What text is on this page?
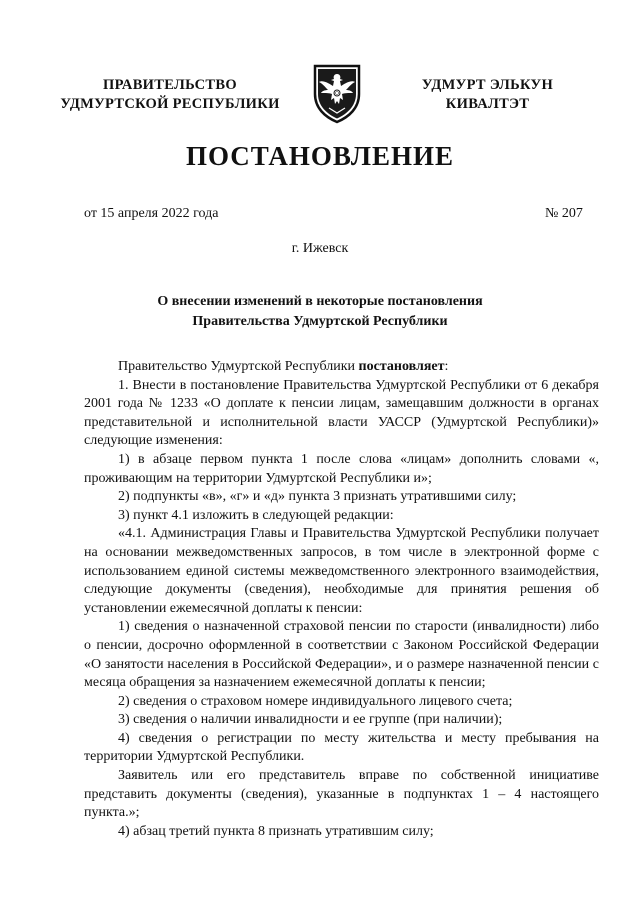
ПРАВИТЕЛЬСТВО
УДМУРТСКОЙ РЕСПУБЛИКИ
УДМУРТ ЭЛЬКУН
КИВАЛТЭТ
ПОСТАНОВЛЕНИЕ
от 15 апреля 2022 года	№ 207
г. Ижевск
О внесении изменений в некоторые постановления
Правительства Удмуртской Республики

Правительство Удмуртской Республики постановляет:

1. Внести в постановление Правительства Удмуртской Республики от 6 декабря 2001 года № 1233 «О доплате к пенсии лицам, замещавшим должности в органах представительной и исполнительной власти УАССР (Удмуртской Республики)» следующие изменения:

1) в абзаце первом пункта 1 после слова «лицам» дополнить словами «, проживающим на территории Удмуртской Республики и»;

2) подпункты «в», «г» и «д» пункта 3 признать утратившими силу;

3) пункт 4.1 изложить в следующей редакции:

«4.1. Администрация Главы и Правительства Удмуртской Республики получает на основании межведомственных запросов, в том числе в электронной форме с использованием единой системы межведомственного электронного взаимодействия, следующие документы (сведения), необходимые для принятия решения об установлении ежемесячной доплаты к пенсии:

1) сведения о назначенной страховой пенсии по старости (инвалидности) либо о пенсии, досрочно оформленной в соответствии с Законом Российской Федерации «О занятости населения в Российской Федерации», и о размере назначенной пенсии с месяца обращения за назначением ежемесячной доплаты к пенсии;

2) сведения о страховом номере индивидуального лицевого счета;

3) сведения о наличии инвалидности и ее группе (при наличии);

4) сведения о регистрации по месту жительства и месту пребывания на территории Удмуртской Республики.

Заявитель или его представитель вправе по собственной инициативе представить документы (сведения), указанные в подпунктах 1 – 4 настоящего пункта.»;

4) абзац третий пункта 8 признать утратившим силу;
